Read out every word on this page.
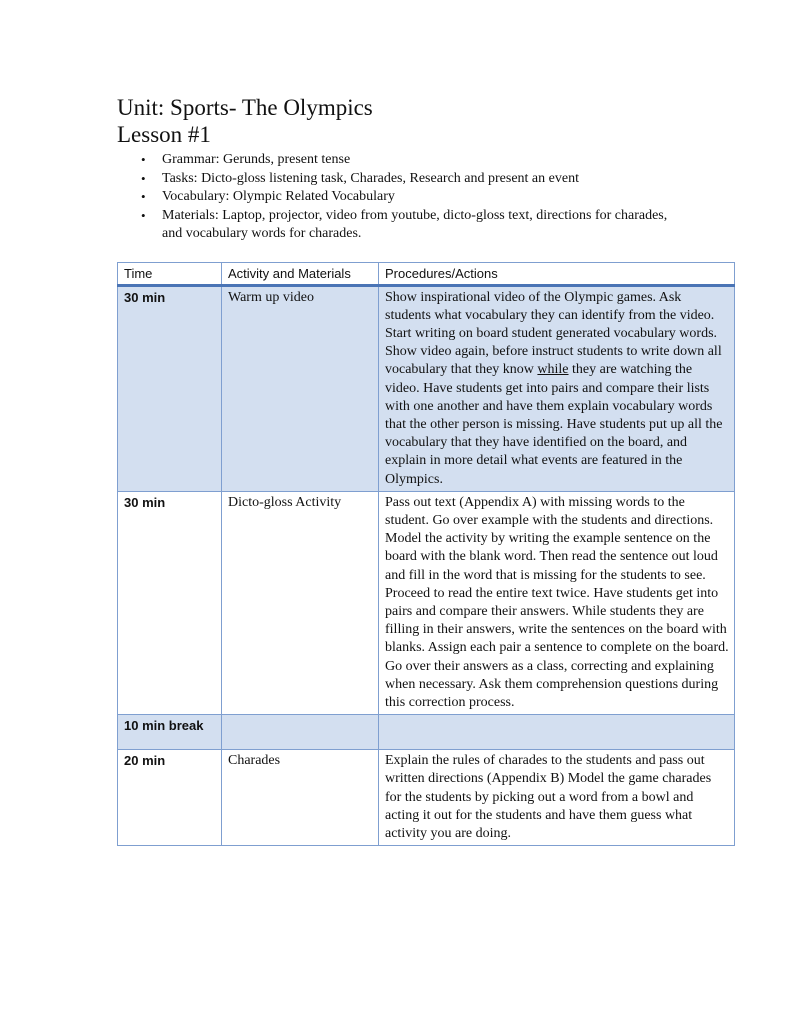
Unit: Sports- The Olympics
Lesson #1
• Grammar: Gerunds, present tense
• Tasks: Dicto-gloss listening task, Charades, Research and present an event
• Vocabulary: Olympic Related Vocabulary
• Materials: Laptop, projector, video from youtube, dicto-gloss text, directions for charades, and vocabulary words for charades.
Time	Activity and Materials	Procedures/Actions
30 min	Warm up video	Show inspirational video of the Olympic games. Ask students what vocabulary they can identify from the video. Start writing on board student generated vocabulary words. Show video again, before instruct students to write down all vocabulary that they know while they are watching the video. Have students get into pairs and compare their lists with one another and have them explain vocabulary words that the other person is missing. Have students put up all the vocabulary that they have identified on the board, and explain in more detail what events are featured in the Olympics.
30 min	Dicto-gloss Activity	Pass out text (Appendix A) with missing words to the student. Go over example with the students and directions. Model the activity by writing the example sentence on the board with the blank word. Then read the sentence out loud and fill in the word that is missing for the students to see. Proceed to read the entire text twice. Have students get into pairs and compare their answers. While students they are filling in their answers, write the sentences on the board with blanks. Assign each pair a sentence to complete on the board. Go over their answers as a class, correcting and explaining when necessary. Ask them comprehension questions during this correction process.
10 min break		
20 min	Charades	Explain the rules of charades to the students and pass out written directions (Appendix B) Model the game charades for the students by picking out a word from a bowl and acting it out for the students and have them guess what activity you are doing.
